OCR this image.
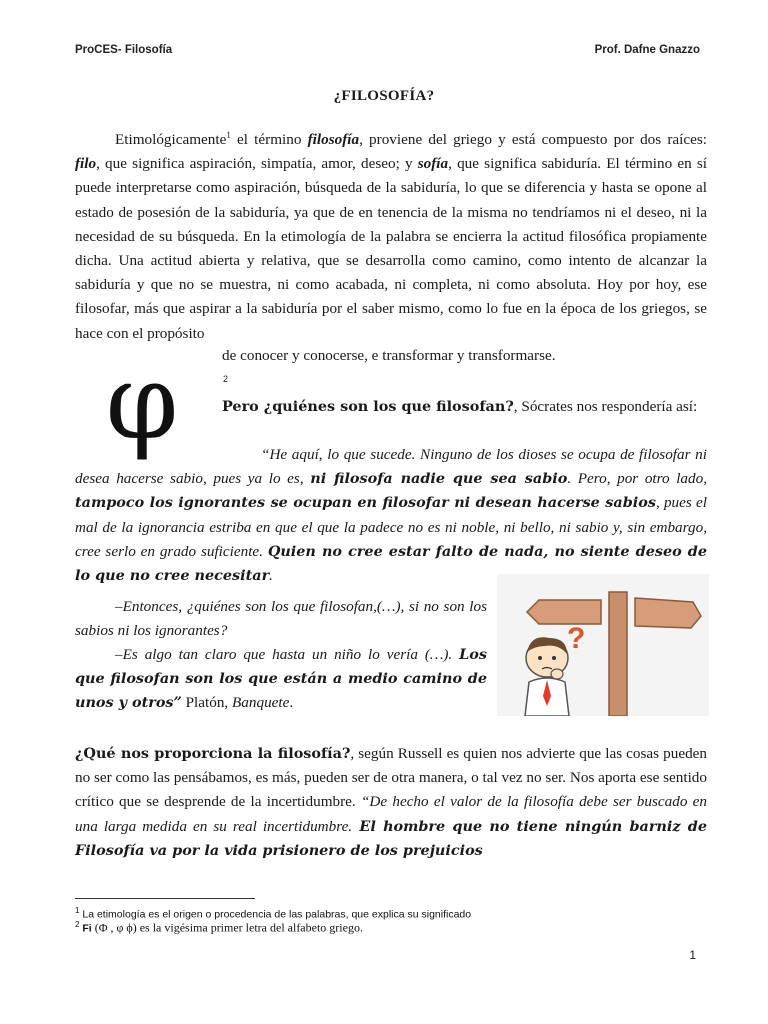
ProCES- Filosofía	Prof. Dafne Gnazzo
¿FILOSOFÍA?
Etimológicamente$^1$ el término filosofía, proviene del griego y está compuesto por dos raíces: filo, que significa aspiración, simpatía, amor, deseo; y sofía, que significa sabiduría. El término en sí puede interpretarse como aspiración, búsqueda de la sabiduría, lo que se diferencia y hasta se opone al estado de posesión de la sabiduría, ya que de en tenencia de la misma no tendríamos ni el deseo, ni la necesidad de su búsqueda. En la etimología de la palabra se encierra la actitud filosófica propiamente dicha. Una actitud abierta y relativa, que se desarrolla como camino, como intento de alcanzar la sabiduría y que no se muestra, ni como acabada, ni completa, ni como absoluta. Hoy por hoy, ese filosofar, más que aspirar a la sabiduría por el saber mismo, como lo fue en la época de los griegos, se hace con el propósito
de conocer y conocerse, e transformar y transformarse.
φ	2
Pero ¿quiénes son los que filosofan?, Sócrates nos respondería así:
“He aquí, lo que sucede. Ninguno de los dioses se ocupa de filosofar ni desea hacerse sabio, pues ya lo es, ni filosofa nadie que sea sabio. Pero, por otro lado, tampoco los ignorantes se ocupan en filosofar ni desean hacerse sabios, pues el mal de la ignorancia estriba en que el que la padece no es ni noble, ni bello, ni sabio y, sin embargo, cree serlo en grado suficiente. Quien no cree estar falto de nada, no siente deseo de lo que no cree necesitar.
–Entonces, ¿quiénes son los que filosofan,(…), si no son los sabios ni los ignorantes?
–Es algo tan claro que hasta un niño lo vería (…). Los que filosofan son los que están a medio camino de unos y otros” Platón, Banquete.
?
¿Qué nos proporciona la filosofía?, según Russell es quien nos advierte que las cosas pueden no ser como las pensábamos, es más, pueden ser de otra manera, o tal vez no ser. Nos aporta ese sentido crítico que se desprende de la incertidumbre. “De hecho el valor de la filosofía debe ser buscado en una larga medida en su real incertidumbre. El hombre que no tiene ningún barniz de Filosofía va por la vida prisionero de los prejuicios
$^1$ La etimología es el origen o procedencia de las palabras, que explica su significado
$^2$ Fi (Φ , φ ϕ) es la vigésima primer letra del alfabeto griego.
1
